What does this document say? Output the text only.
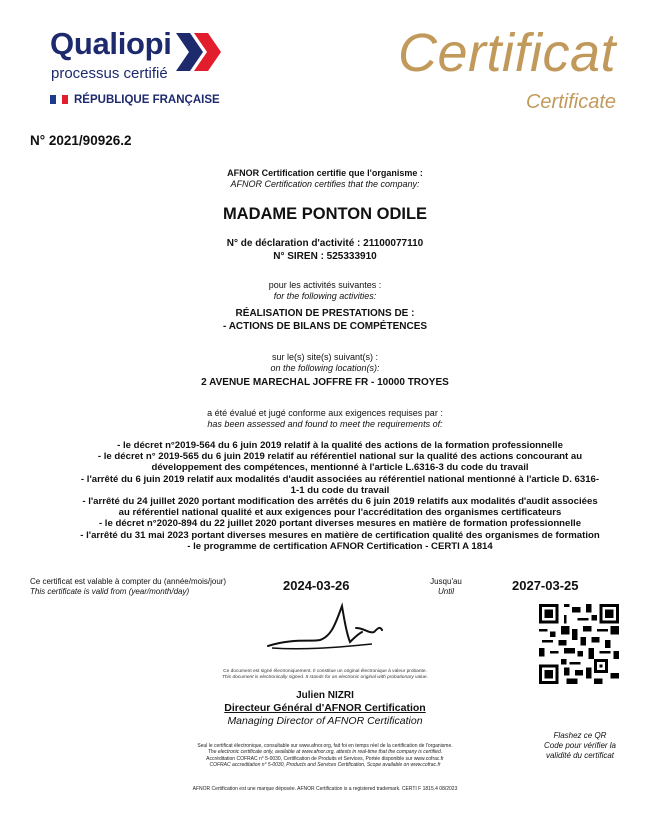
Qualiopi
processus certifié
RÉPUBLIQUE FRANÇAISE
Certificat
Certificate
N° 2021/90926.2
AFNOR Certification certifie que l'organisme :
AFNOR Certification certifies that the company:
MADAME PONTON ODILE
N° de déclaration d'activité : 21100077110
N° SIREN : 525333910
pour les activités suivantes :
for the following activities:
RÉALISATION DE PRESTATIONS DE :
- ACTIONS DE BILANS DE COMPÉTENCES
sur le(s) site(s) suivant(s) :
on the following location(s):
2 AVENUE MARECHAL JOFFRE FR - 10000 TROYES
a été évalué et jugé conforme aux exigences requises par :
has been assessed and found to meet the requirements of:
- le décret n°2019-564 du 6 juin 2019 relatif à la qualité des actions de la formation professionnelle
- le décret n° 2019-565 du 6 juin 2019 relatif au référentiel national sur la qualité des actions concourant au
développement des compétences, mentionné à l'article L.6316-3 du code du travail
- l'arrêté du 6 juin 2019 relatif aux modalités d'audit associées au référentiel national mentionné à l'article D. 6316-
1-1 du code du travail
- l'arrêté du 24 juillet 2020 portant modification des arrêtés du 6 juin 2019 relatifs aux modalités d'audit associées
au référentiel national qualité et aux exigences pour l'accréditation des organismes certificateurs
- le décret n°2020-894 du 22 juillet 2020 portant diverses mesures en matière de formation professionnelle
- l'arrêté du 31 mai 2023 portant diverses mesures en matière de certification qualité des organismes de formation
- le programme de certification AFNOR Certification - CERTI A 1814
Ce certificat est valable à compter du (année/mois/jour)
This certificate is valid from (year/month/day)	2024-03-26	Jusqu'au
Until	2027-03-25
Ce document est signé électroniquement. Il constitue un original électronique à valeur probante.
This document is electronically signed. It stands for an electronic original with probationary value.
Julien NIZRI
Directeur Général d'AFNOR Certification
Managing Director of AFNOR Certification
Flashez ce QR
Code pour vérifier la
validité du certificat
Seul le certificat électronique, consultable sur www.afnor.org, fait foi en temps réel de la certification de l'organisme.
The electronic certificate only, available at www.afnor.org, attests in real-time that the company is certified.
Accréditation COFRAC n° 5-0030, Certification de Produits et Services, Portée disponible sur www.cofrac.fr
COFRAC accreditation n° 5-0030, Products and Services Certification, Scope available on www.cofrac.fr
AFNOR Certification est une marque déposée. AFNOR Certification is a registered trademark. CERTI F 1815.4 08/2023
